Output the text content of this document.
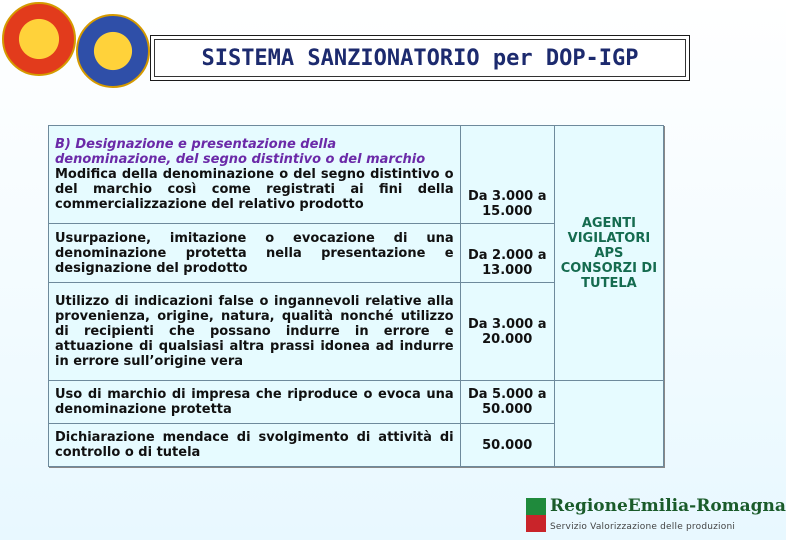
SISTEMA SANZIONATORIO per DOP-IGP
B) Designazione e presentazione della denominazione, del segno distintivo o del marchio
Modifica della denominazione o del segno distintivo o del marchio così come registrati ai fini della commercializzazione del relativo prodotto	Da 3.000 a 15.000	AGENTI VIGILATORI APS CONSORZI DI TUTELA

Usurpazione, imitazione o evocazione di una denominazione protetta nella presentazione e designazione del prodotto	Da 2.000 a 13.000	

Utilizzo di indicazioni false o ingannevoli relative alla provenienza, origine, natura, qualità nonché utilizzo di recipienti che possano indurre in errore e attuazione di qualsiasi altra prassi idonea ad indurre in errore sull’origine vera	Da 3.000 a 20.000	

Uso di marchio di impresa che riproduce o evoca una denominazione protetta	Da 5.000 a 50.000	

Dichiarazione mendace di svolgimento di attività di controllo o di tutela	50.000	
RegioneEmilia-Romagna
Servizio Valorizzazione delle produzioni
